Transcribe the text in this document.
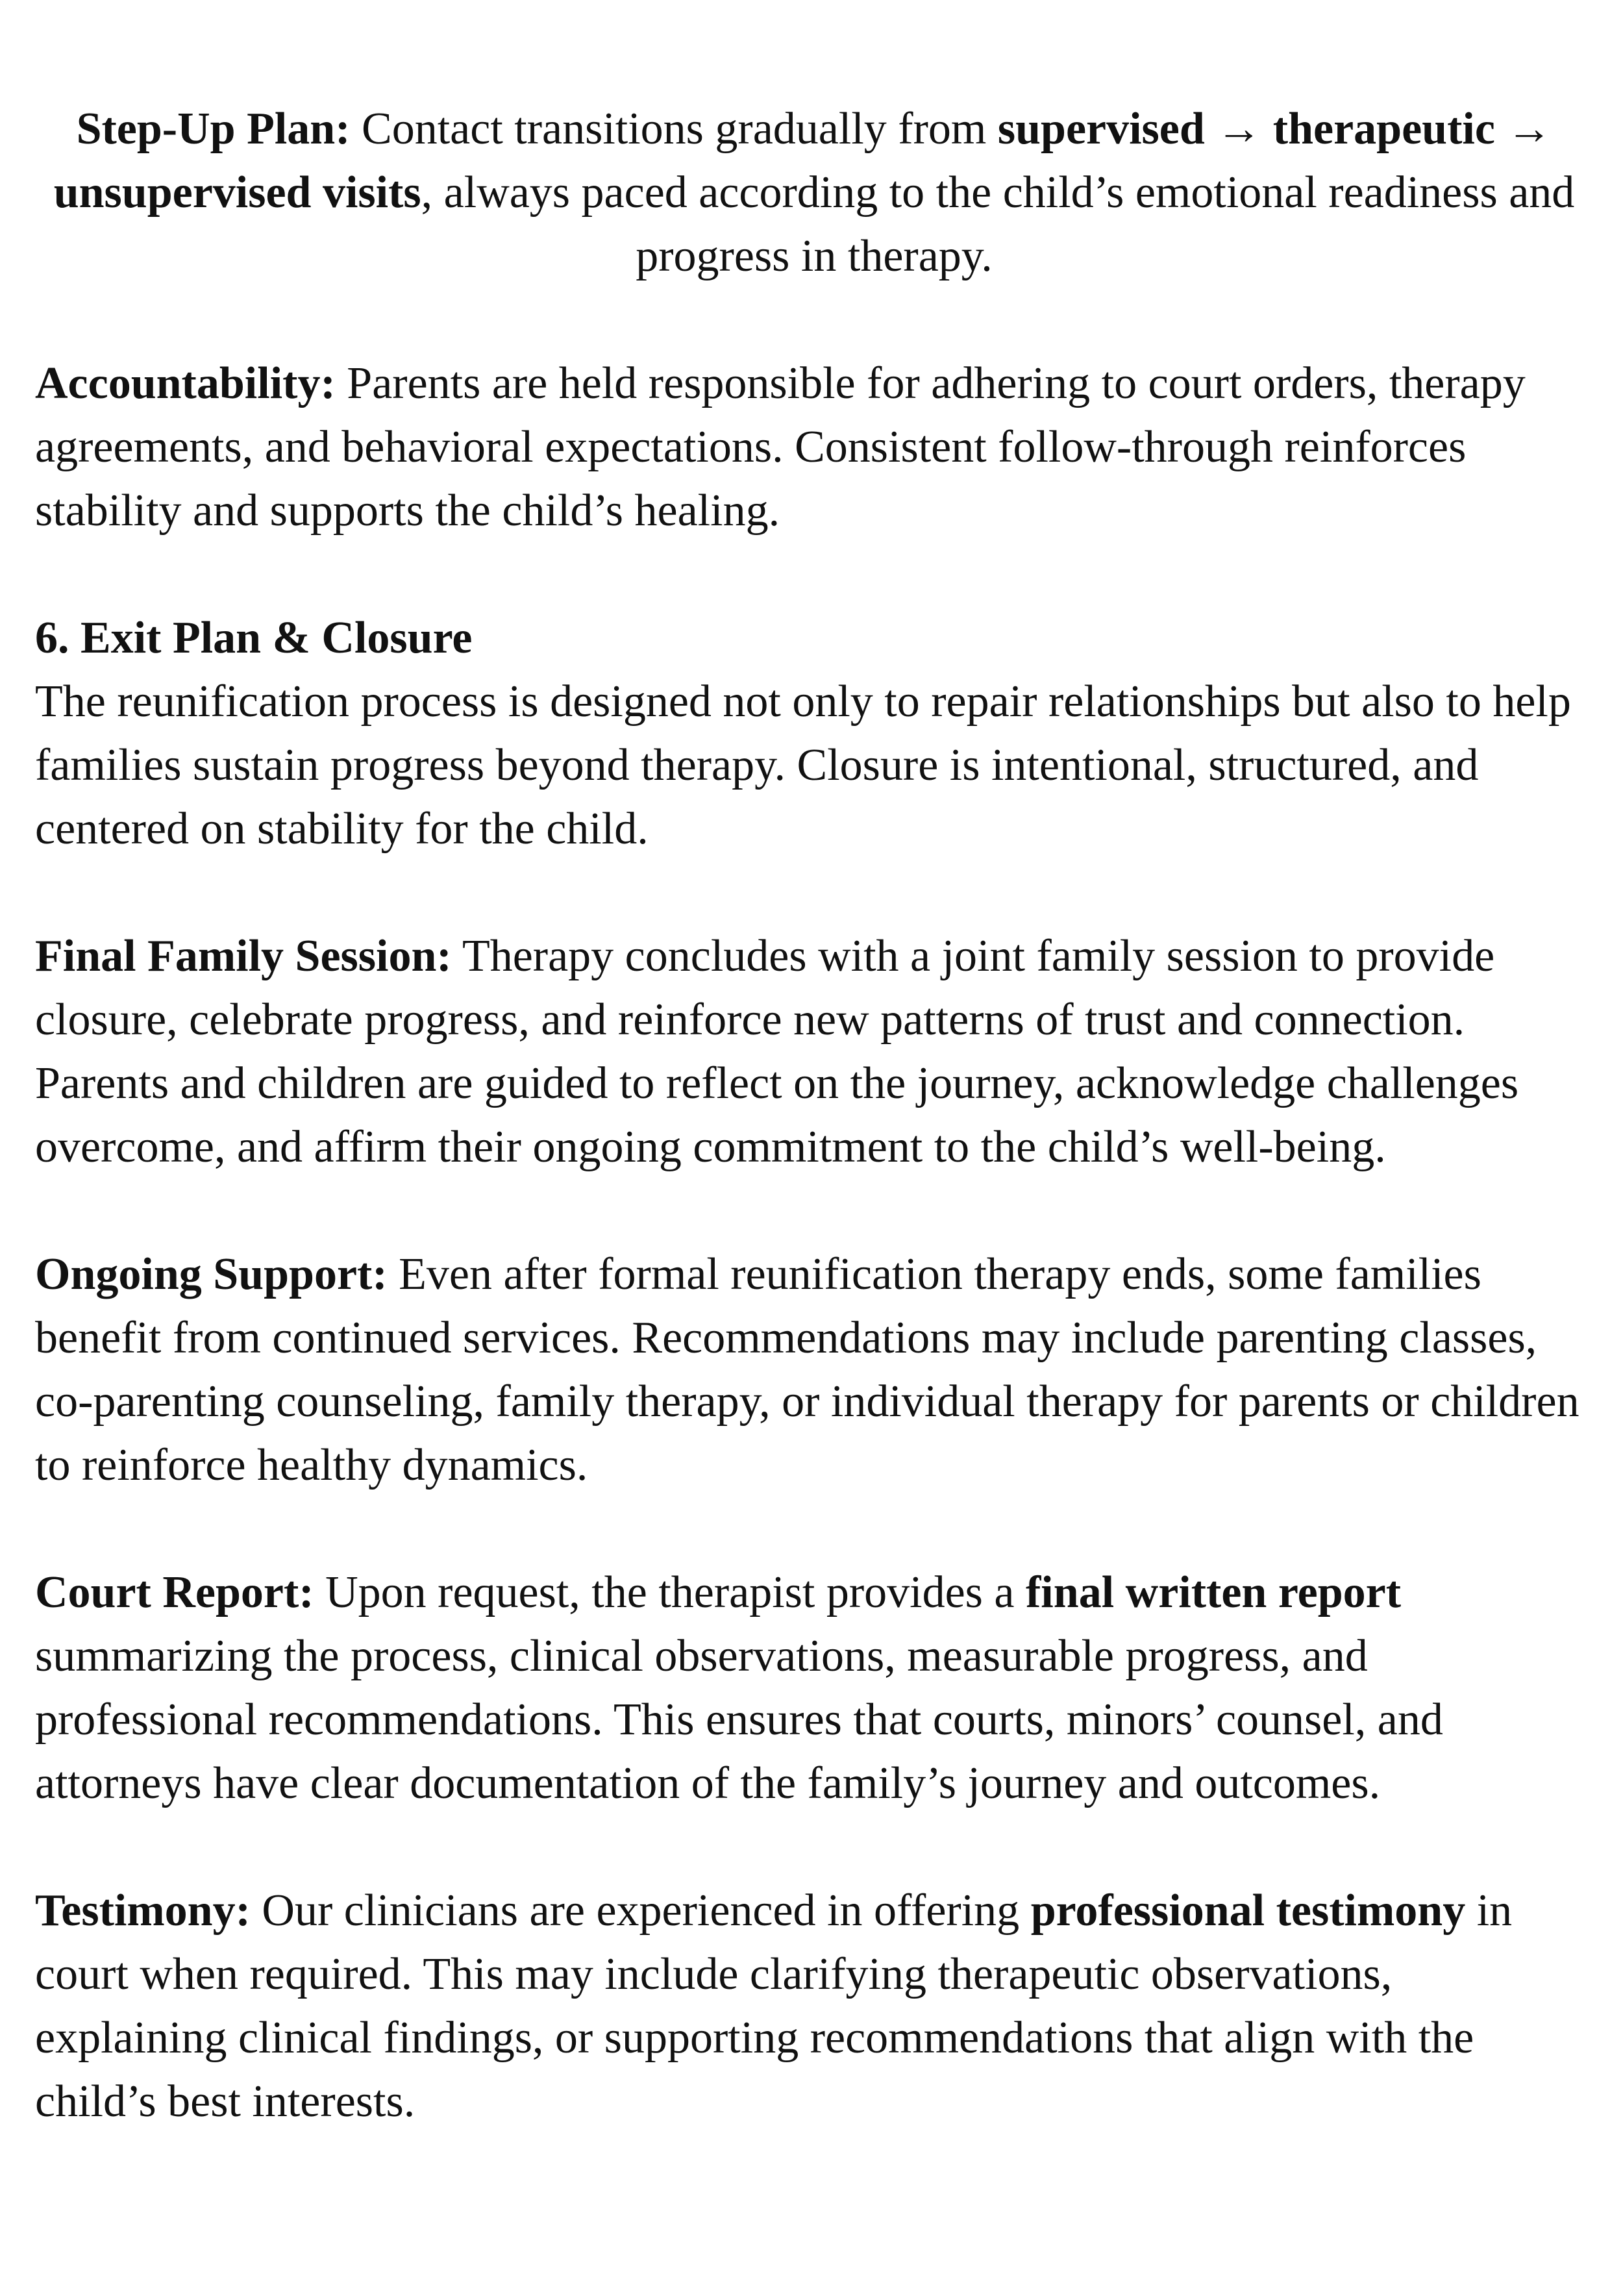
Step-Up Plan: Contact transitions gradually from supervised → therapeutic → unsupervised visits, always paced according to the child’s emotional readiness and progress in therapy.

Accountability: Parents are held responsible for adhering to court orders, therapy agreements, and behavioral expectations. Consistent follow-through reinforces stability and supports the child’s healing.

6. Exit Plan & Closure
The reunification process is designed not only to repair relationships but also to help families sustain progress beyond therapy. Closure is intentional, structured, and centered on stability for the child.

Final Family Session: Therapy concludes with a joint family session to provide closure, celebrate progress, and reinforce new patterns of trust and connection. Parents and children are guided to reflect on the journey, acknowledge challenges overcome, and affirm their ongoing commitment to the child’s well-being.

Ongoing Support: Even after formal reunification therapy ends, some families benefit from continued services. Recommendations may include parenting classes, co-parenting counseling, family therapy, or individual therapy for parents or children to reinforce healthy dynamics.

Court Report: Upon request, the therapist provides a final written report summarizing the process, clinical observations, measurable progress, and professional recommendations. This ensures that courts, minors’ counsel, and attorneys have clear documentation of the family’s journey and outcomes.

Testimony: Our clinicians are experienced in offering professional testimony in court when required. This may include clarifying therapeutic observations, explaining clinical findings, or supporting recommendations that align with the child’s best interests.
